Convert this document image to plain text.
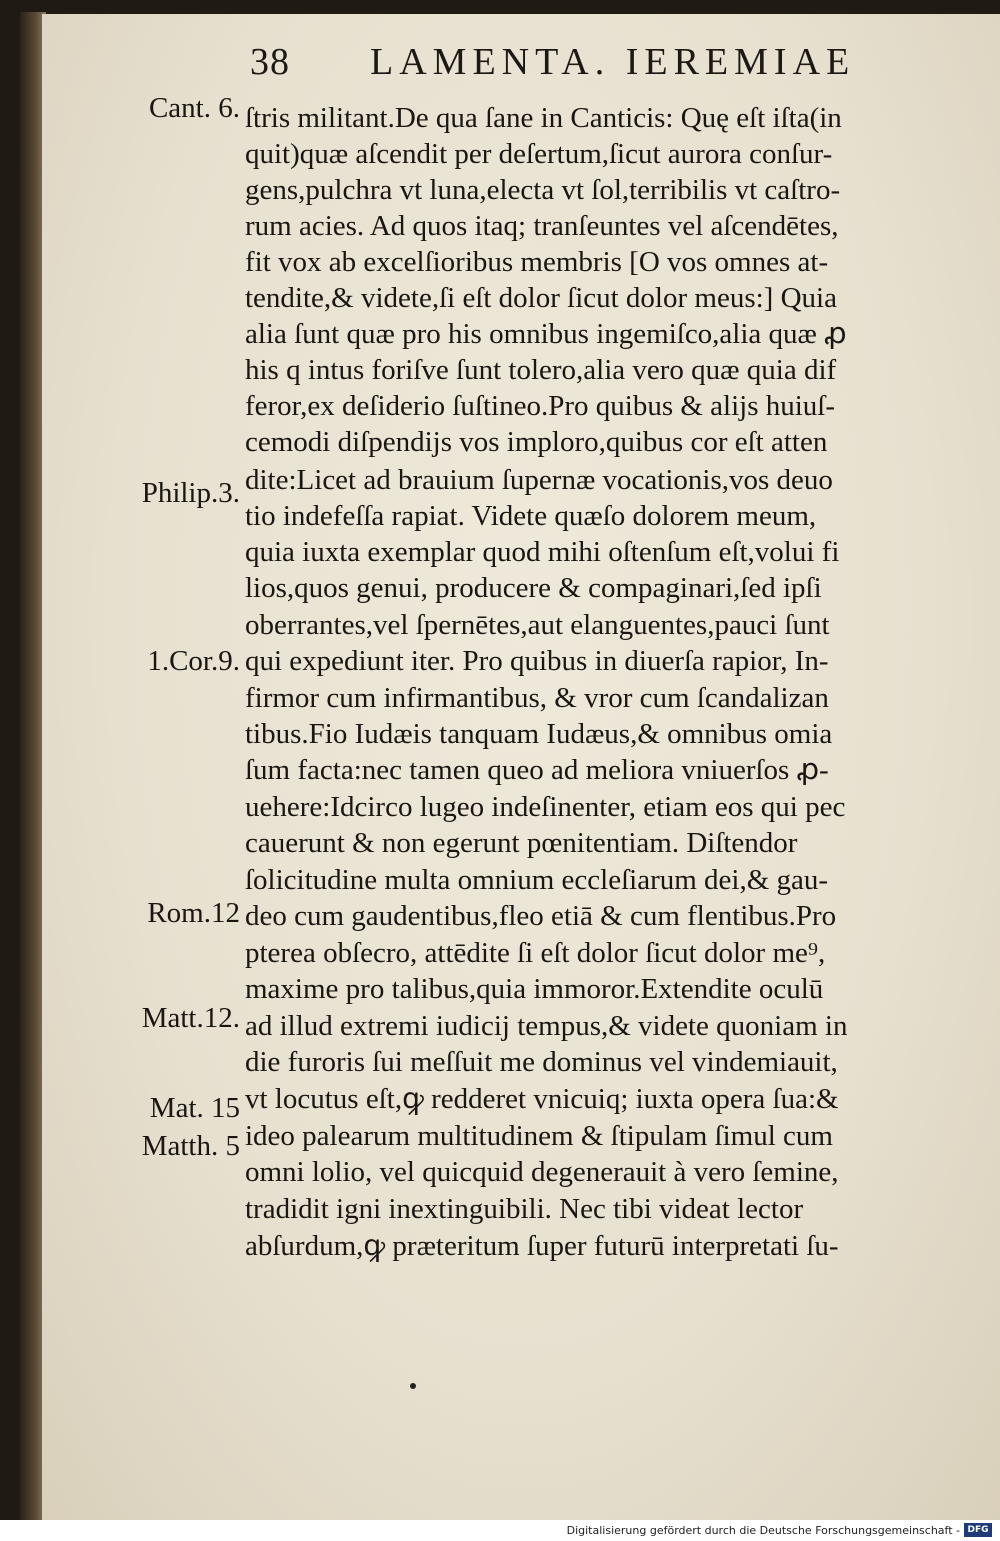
38 LAMENTA. IEREMIAE
ſtris militant.De qua ſane in Canticis: Quę eſt iſta(in
quit)quæ aſcendit per deſertum,ſicut aurora conſur-
gens,pulchra vt luna,electa vt ſol,terribilis vt caſtro-
rum acies. Ad quos itaq; tranſeuntes vel aſcendētes,
fit vox ab excelſioribus membris [O vos omnes at-
tendite,& videte,ſi eſt dolor ſicut dolor meus:] Quia
alia ſunt quæ pro his omnibus ingemiſco,alia quæ ꝓ
his q intus foriſve ſunt tolero,alia vero quæ quia dif
feror,ex deſiderio ſuſtineo.Pro quibus & alijs huiuſ-
cemodi diſpendijs vos imploro,quibus cor eſt atten
dite:Licet ad brauium ſupernæ vocationis,vos deuo
tio indefeſſa rapiat. Videte quæſo dolorem meum,
quia iuxta exemplar quod mihi oſtenſum eſt,volui fi
lios,quos genui, producere & compaginari,ſed ipſi
oberrantes,vel ſpernētes,aut elanguentes,pauci ſunt
qui expediunt iter. Pro quibus in diuerſa rapior, In-
firmor cum infirmantibus, & vror cum ſcandalizan
tibus.Fio Iudæis tanquam Iudæus,& omnibus omia
ſum facta:nec tamen queo ad meliora vniuerſos ꝓ-
uehere:Idcirco lugeo indeſinenter, etiam eos qui pec
cauerunt & non egerunt pœnitentiam. Diſtendor
ſolicitudine multa omnium eccleſiarum dei,& gau-
deo cum gaudentibus,fleo etiā & cum flentibus.Pro
pterea obſecro, attēdite ſi eſt dolor ſicut dolor me⁹,
maxime pro talibus,quia immoror.Extendite oculū
ad illud extremi iudicij tempus,& videte quoniam in
die furoris ſui meſſuit me dominus vel vindemiauit,
vt locutus eſt,ꝙ redderet vnicuiq; iuxta opera ſua:&
ideo palearum multitudinem & ſtipulam ſimul cum
omni lolio, vel quicquid degenerauit à vero ſemine,
tradidit igni inextinguibili. Nec tibi videat lector
abſurdum,ꝙ præteritum ſuper futurū interpretati ſu-
Cant. 6.
Philip.3.
1.Cor.9.
Rom.12
Matt.12.
Mat. 15
Matth. 5
Digitalisierung gefördert durch die Deutsche Forschungsgemeinschaft - DFG
